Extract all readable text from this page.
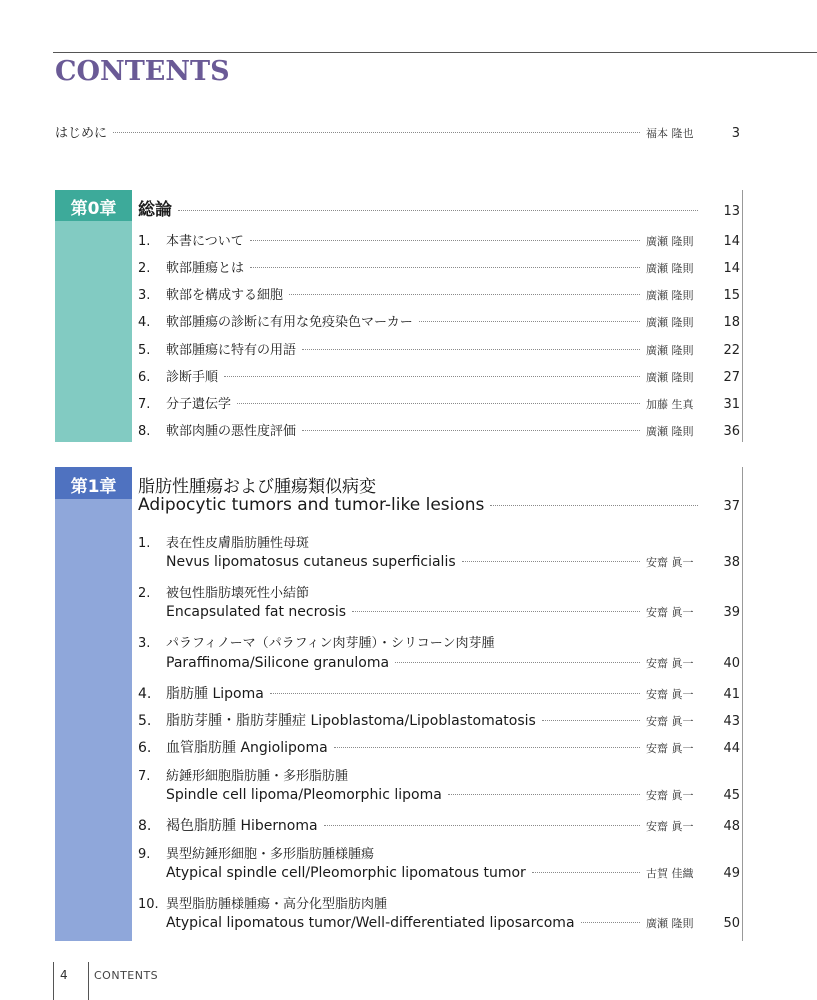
CONTENTS
はじめに	福本 隆也	3
第0章	総論	13
1. 本書について	廣瀬 隆則	14
2. 軟部腫瘍とは	廣瀬 隆則	14
3. 軟部を構成する細胞	廣瀬 隆則	15
4. 軟部腫瘍の診断に有用な免疫染色マーカー	廣瀬 隆則	18
5. 軟部腫瘍に特有の用語	廣瀬 隆則	22
6. 診断手順	廣瀬 隆則	27
7. 分子遺伝学	加藤 生真	31
8. 軟部肉腫の悪性度評価	廣瀬 隆則	36
第1章	脂肪性腫瘍および腫瘍類似病変
Adipocytic tumors and tumor-like lesions	37
1. 表在性皮膚脂肪腫性母斑
Nevus lipomatosus cutaneus superficialis	安齋 眞一	38
2. 被包性脂肪壊死性小結節
Encapsulated fat necrosis	安齋 眞一	39
3. パラフィノーマ（パラフィン肉芽腫）・シリコーン肉芽腫
Paraffinoma/Silicone granuloma	安齋 眞一	40
4. 脂肪腫 Lipoma	安齋 眞一	41
5. 脂肪芽腫・脂肪芽腫症 Lipoblastoma/Lipoblastomatosis	安齋 眞一	43
6. 血管脂肪腫 Angiolipoma	安齋 眞一	44
7. 紡錘形細胞脂肪腫・多形脂肪腫
Spindle cell lipoma/Pleomorphic lipoma	安齋 眞一	45
8. 褐色脂肪腫 Hibernoma	安齋 眞一	48
9. 異型紡錘形細胞・多形脂肪腫様腫瘍
Atypical spindle cell/Pleomorphic lipomatous tumor	古賀 佳織	49
10. 異型脂肪腫様腫瘍・高分化型脂肪肉腫
Atypical lipomatous tumor/Well-differentiated liposarcoma	廣瀬 隆則	50
4 CONTENTS
